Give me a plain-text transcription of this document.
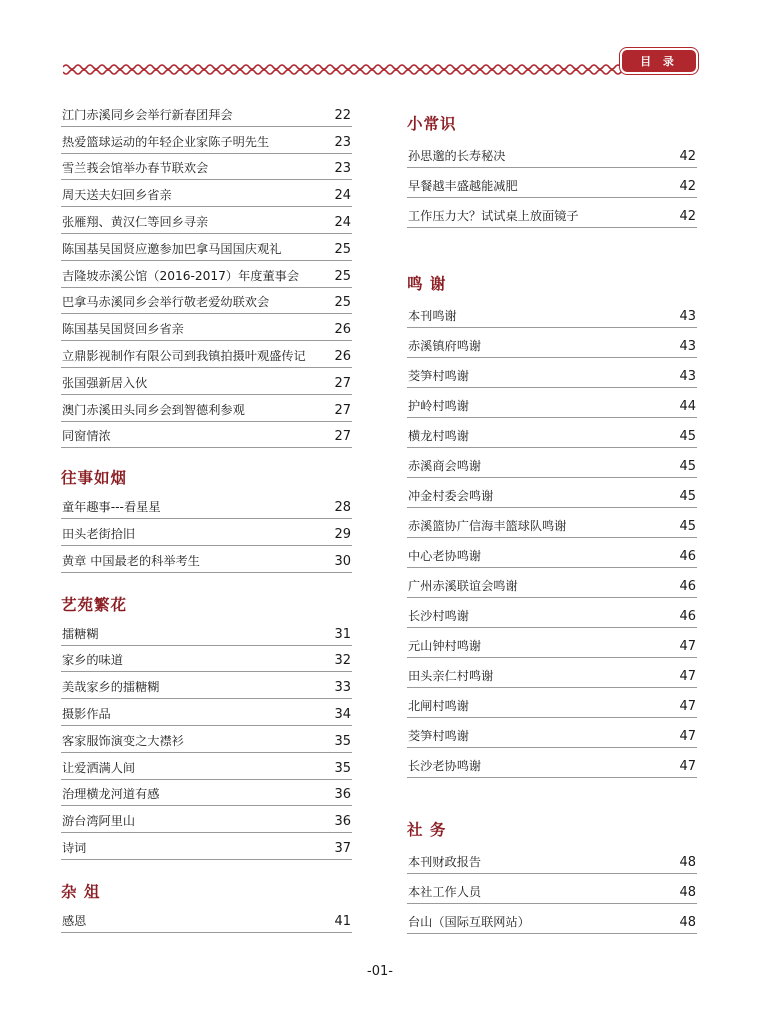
目 录
江门赤溪同乡会举行新春团拜会	22
热爱篮球运动的年轻企业家陈子明先生	23
雪兰莪会馆举办春节联欢会	23
周天送夫妇回乡省亲	24
张雁翔、黄汉仁等回乡寻亲	24
陈国基吴国贤应邀参加巴拿马国国庆观礼	25
吉隆坡赤溪公馆（2016-2017）年度董事会	25
巴拿马赤溪同乡会举行敬老爱幼联欢会	25
陈国基吴国贤回乡省亲	26
立鼎影视制作有限公司到我镇拍摄叶观盛传记 26
张国强新居入伙	27
澳门赤溪田头同乡会到智德利参观	27
同窗情浓	27
往事如烟
童年趣事---看星星	28
田头老街拾旧	29
黄章 中国最老的科举考生	30
艺苑繁花
擂糖糊	31
家乡的味道	32
美哉家乡的擂糖糊	33
摄影作品	34
客家服饰演变之大襟衫	35
让爱洒满人间	35
治理横龙河道有感	36
游台湾阿里山	36
诗词	37
杂 俎
感恩	41
小常识
孙思邈的长寿秘决	42
早餐越丰盛越能减肥	42
工作压力大？试试桌上放面镜子	42
鸣 谢
本刊鸣谢	43
赤溪镇府鸣谢	43
茭笋村鸣谢	43
护岭村鸣谢	44
横龙村鸣谢	45
赤溪商会鸣谢	45
冲金村委会鸣谢	45
赤溪篮协广信海丰篮球队鸣谢	45
中心老协鸣谢	46
广州赤溪联谊会鸣谢	46
长沙村鸣谢	46
元山钟村鸣谢	47
田头亲仁村鸣谢	47
北闸村鸣谢	47
茭笋村鸣谢	47
长沙老协鸣谢	47
社 务
本刊财政报告	48
本社工作人员	48
台山（国际互联网站）	48
-01-
